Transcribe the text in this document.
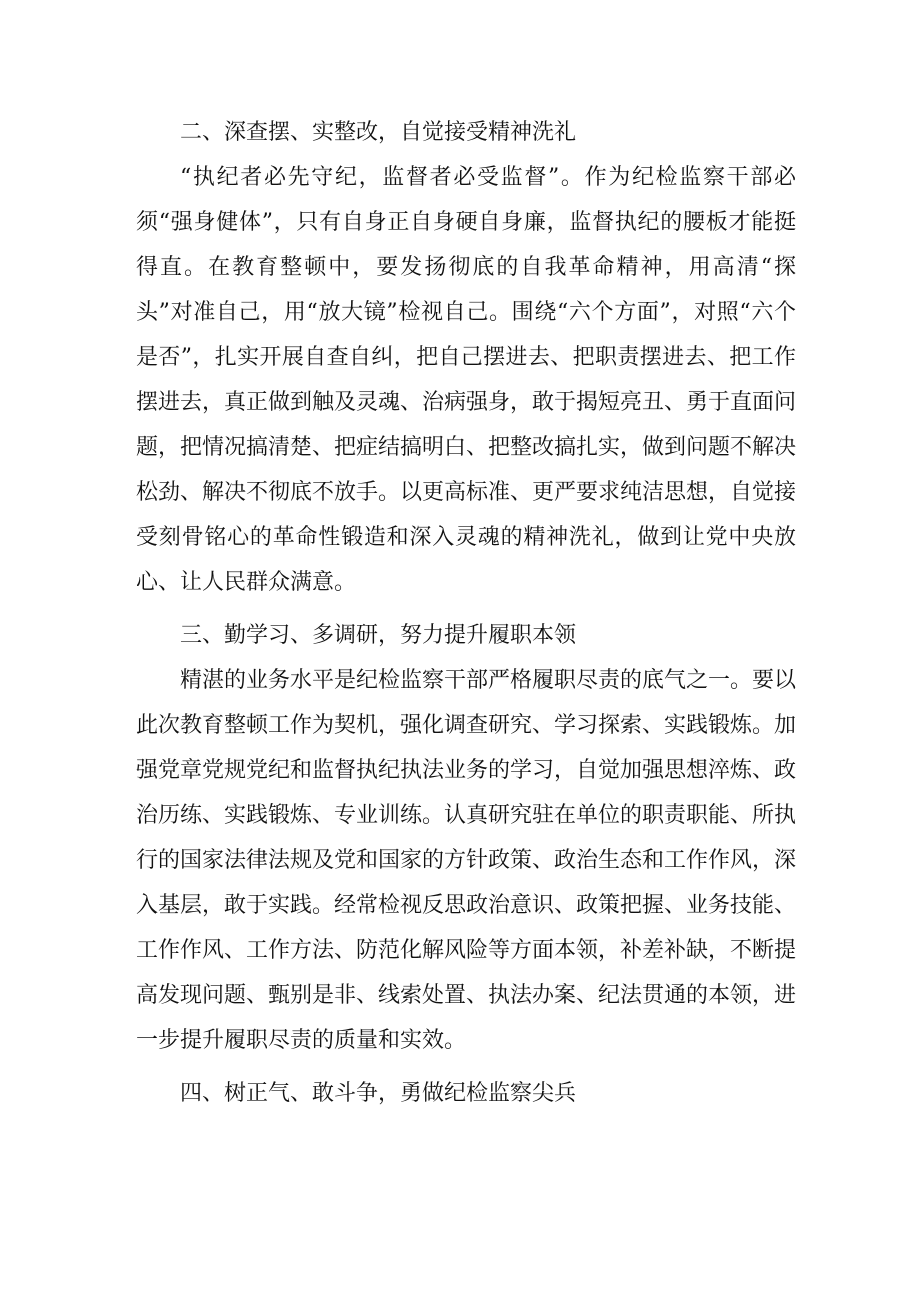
二、深查摆、实整改，自觉接受精神洗礼

“执纪者必先守纪，监督者必受监督”。作为纪检监察干部必须“强身健体”，只有自身正自身硬自身廉，监督执纪的腰板才能挺得直。在教育整顿中，要发扬彻底的自我革命精神，用高清“探头”对准自己，用“放大镜”检视自己。围绕“六个方面”，对照“六个是否”，扎实开展自查自纠，把自己摆进去、把职责摆进去、把工作摆进去，真正做到触及灵魂、治病强身，敢于揭短亮丑、勇于直面问题，把情况搞清楚、把症结搞明白、把整改搞扎实，做到问题不解决松劲、解决不彻底不放手。以更高标准、更严要求纯洁思想，自觉接受刻骨铭心的革命性锻造和深入灵魂的精神洗礼，做到让党中央放心、让人民群众满意。

三、勤学习、多调研，努力提升履职本领

精湛的业务水平是纪检监察干部严格履职尽责的底气之一。要以此次教育整顿工作为契机，强化调查研究、学习探索、实践锻炼。加强党章党规党纪和监督执纪执法业务的学习，自觉加强思想淬炼、政治历练、实践锻炼、专业训练。认真研究驻在单位的职责职能、所执行的国家法律法规及党和国家的方针政策、政治生态和工作作风，深入基层，敢于实践。经常检视反思政治意识、政策把握、业务技能、工作作风、工作方法、防范化解风险等方面本领，补差补缺，不断提高发现问题、甄别是非、线索处置、执法办案、纪法贯通的本领，进一步提升履职尽责的质量和实效。

四、树正气、敢斗争，勇做纪检监察尖兵
